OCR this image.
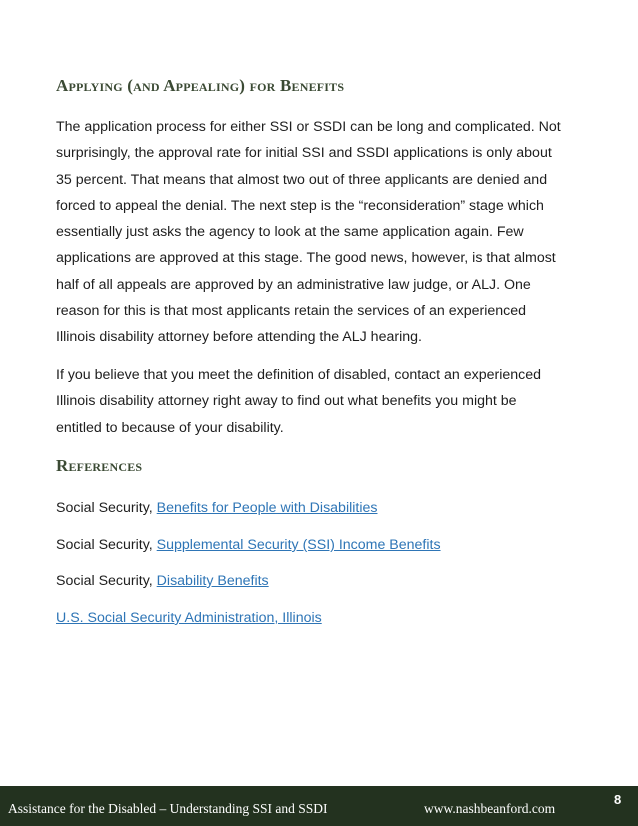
Applying (and Appealing) for Benefits
The application process for either SSI or SSDI can be long and complicated. Not
surprisingly, the approval rate for initial SSI and SSDI applications is only about
35 percent. That means that almost two out of three applicants are denied and
forced to appeal the denial. The next step is the “reconsideration” stage which
essentially just asks the agency to look at the same application again. Few
applications are approved at this stage. The good news, however, is that almost
half of all appeals are approved by an administrative law judge, or ALJ. One
reason for this is that most applicants retain the services of an experienced
Illinois disability attorney before attending the ALJ hearing.
If you believe that you meet the definition of disabled, contact an experienced
Illinois disability attorney right away to find out what benefits you might be
entitled to because of your disability.
References
Social Security, Benefits for People with Disabilities
Social Security, Supplemental Security (SSI) Income Benefits
Social Security, Disability Benefits
U.S. Social Security Administration, Illinois
Assistance for the Disabled – Understanding SSI and SSDI	www.nashbeanford.com
8
